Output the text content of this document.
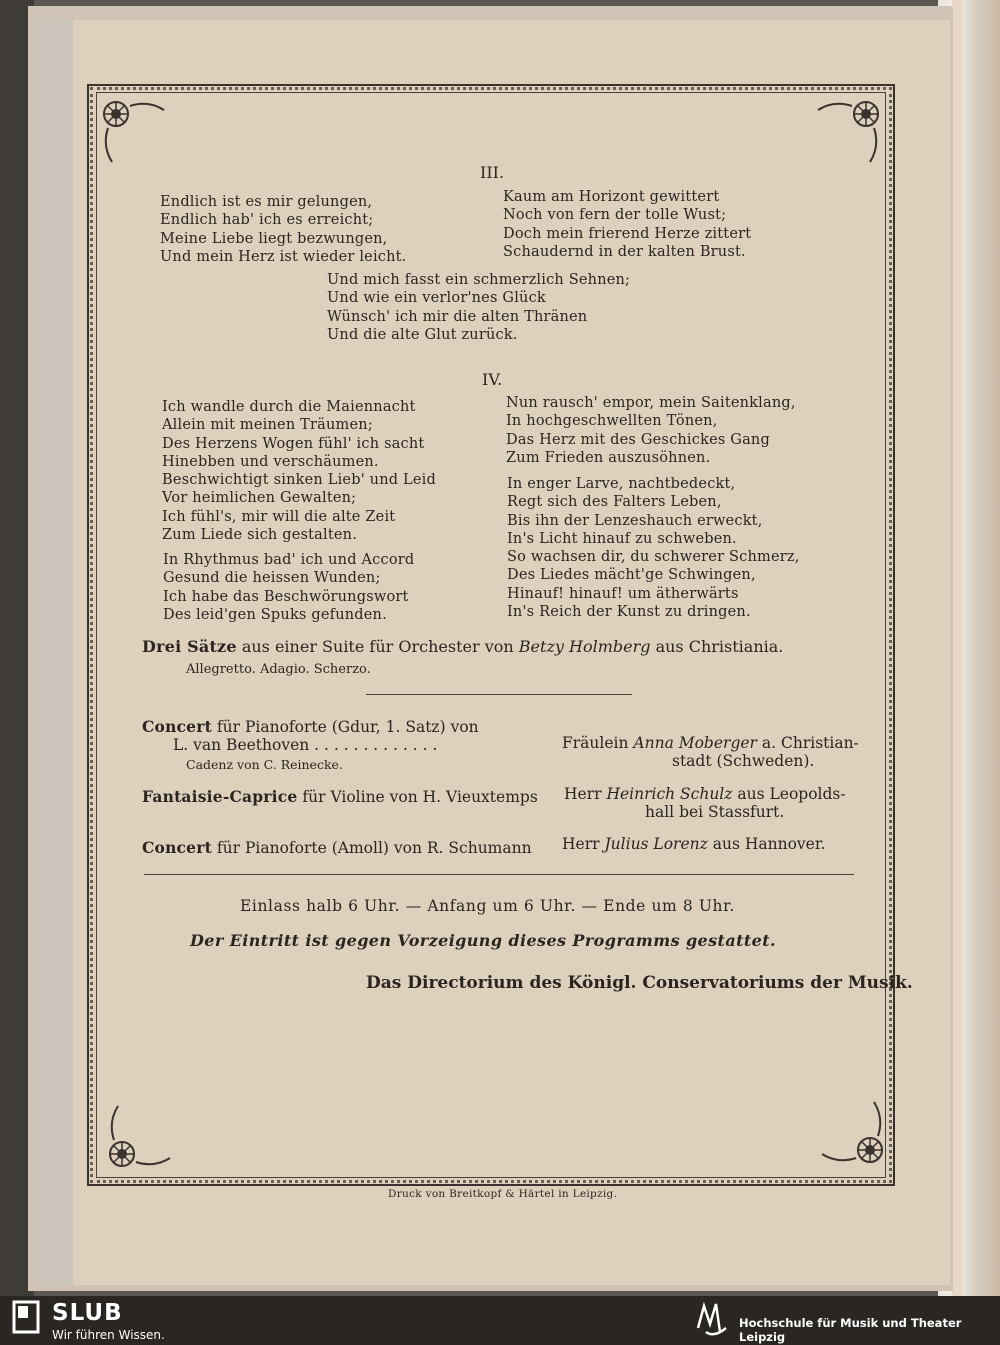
III.
Endlich ist es mir gelungen,
Endlich hab' ich es erreicht;
Meine Liebe liegt bezwungen,
Und mein Herz ist wieder leicht.
Kaum am Horizont gewittert
Noch von fern der tolle Wust;
Doch mein frierend Herze zittert
Schaudernd in der kalten Brust.
Und mich fasst ein schmerzlich Sehnen;
Und wie ein verlor'nes Glück
Wünsch' ich mir die alten Thränen
Und die alte Glut zurück.
IV.
Ich wandle durch die Maiennacht
Allein mit meinen Träumen;
Des Herzens Wogen fühl' ich sacht
Hinebben und verschäumen.
Beschwichtigt sinken Lieb' und Leid
Vor heimlichen Gewalten;
Ich fühl's, mir will die alte Zeit
Zum Liede sich gestalten.
In Rhythmus bad' ich und Accord
Gesund die heissen Wunden;
Ich habe das Beschwörungswort
Des leid'gen Spuks gefunden.
Nun rausch' empor, mein Saitenklang,
In hochgeschwellten Tönen,
Das Herz mit des Geschickes Gang
Zum Frieden auszusöhnen.
In enger Larve, nachtbedeckt,
Regt sich des Falters Leben,
Bis ihn der Lenzeshauch erweckt,
In's Licht hinauf zu schweben.
So wachsen dir, du schwerer Schmerz,
Des Liedes mächt'ge Schwingen,
Hinauf! hinauf! um ätherwärts
In's Reich der Kunst zu dringen.
Drei Sätze aus einer Suite für Orchester von Betzy Holmberg aus Christiania.
Allegretto. Adagio. Scherzo.
Concert für Pianoforte (Gdur, 1. Satz) von
L. van Beethoven . . . . . . . . . . . . .
Cadenz von C. Reinecke.
Fräulein Anna Moberger a. Christian-
stadt (Schweden).
Fantaisie-Caprice für Violine von H. Vieuxtemps Herr Heinrich Schulz aus Leopolds-
hall bei Stassfurt.
Concert für Pianoforte (Amoll) von R. Schumann Herr Julius Lorenz aus Hannover.
Einlass halb 6 Uhr. — Anfang um 6 Uhr. — Ende um 8 Uhr.
Der Eintritt ist gegen Vorzeigung dieses Programms gestattet.
Das Directorium des Königl. Conservatoriums der Musik.
Druck von Breitkopf & Härtel in Leipzig.
SLUB
Wir führen Wissen.
Hochschule für Musik und Theater Leipzig
